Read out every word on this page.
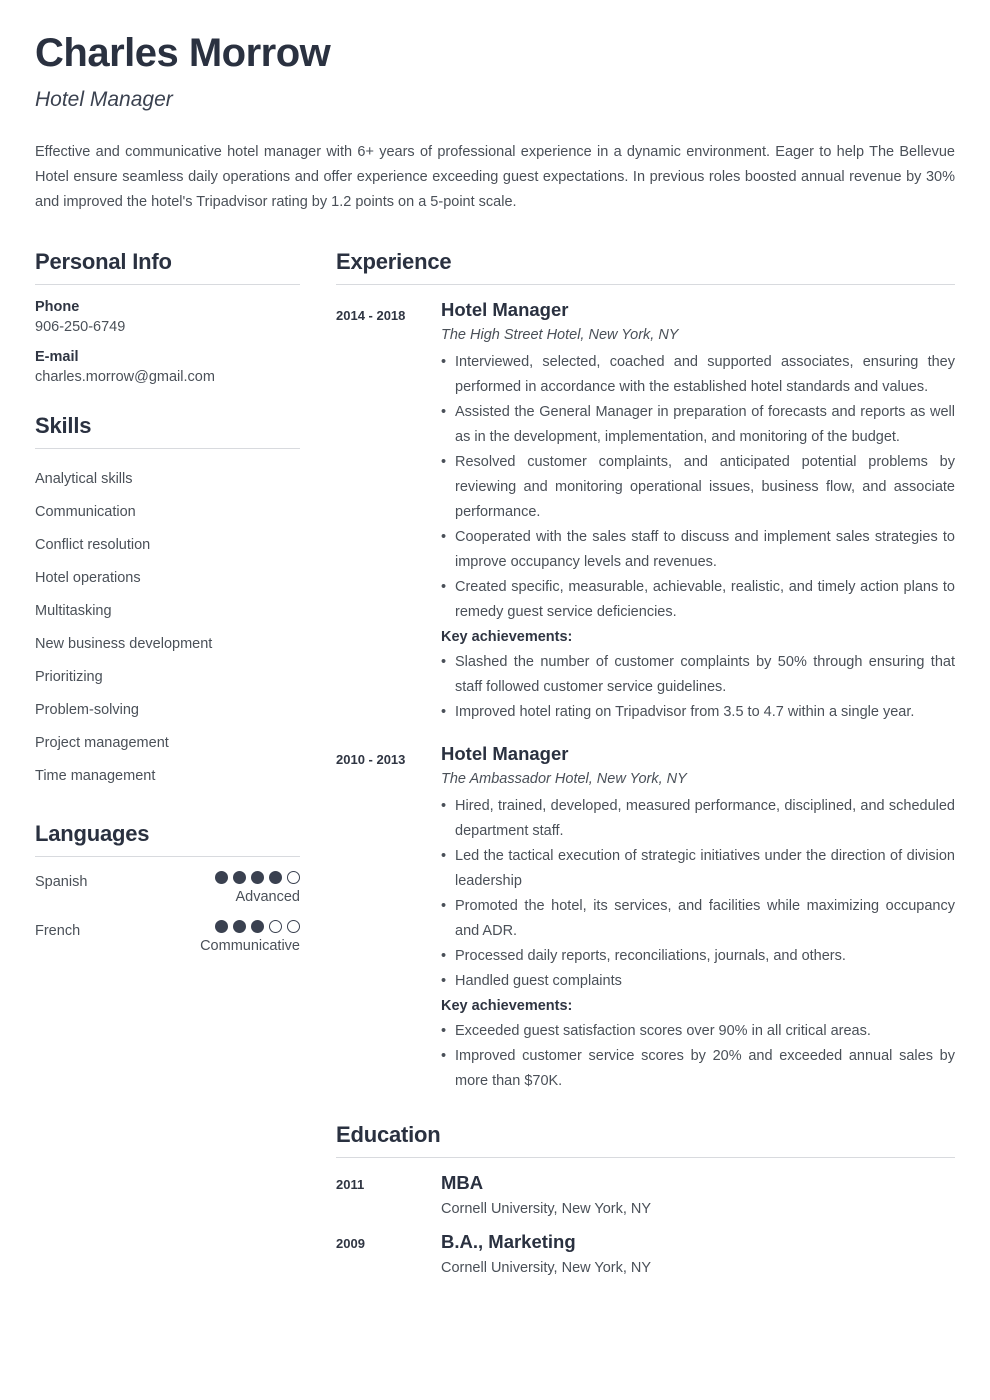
Charles Morrow
Hotel Manager

Effective and communicative hotel manager with 6+ years of professional experience in a dynamic environment. Eager to help The Bellevue Hotel ensure seamless daily operations and offer experience exceeding guest expectations. In previous roles boosted annual revenue by 30% and improved the hotel's Tripadvisor rating by 1.2 points on a 5-point scale.

Personal Info
Phone
906-250-6749
E-mail
charles.morrow@gmail.com
Skills
Analytical skills
Communication
Conflict resolution
Hotel operations
Multitasking
New business development
Prioritizing
Problem-solving
Project management
Time management
Languages
Spanish
Advanced
French
Communicative
Experience
2014 - 2018	Hotel Manager
The High Street Hotel, New York, NY
• Interviewed, selected, coached and supported associates, ensuring they performed in accordance with the established hotel standards and values.
• Assisted the General Manager in preparation of forecasts and reports as well as in the development, implementation, and monitoring of the budget.
• Resolved customer complaints, and anticipated potential problems by reviewing and monitoring operational issues, business flow, and associate performance.
• Cooperated with the sales staff to discuss and implement sales strategies to improve occupancy levels and revenues.
• Created specific, measurable, achievable, realistic, and timely action plans to remedy guest service deficiencies.
Key achievements:
• Slashed the number of customer complaints by 50% through ensuring that staff followed customer service guidelines.
• Improved hotel rating on Tripadvisor from 3.5 to 4.7 within a single year.
2010 - 2013	Hotel Manager
The Ambassador Hotel, New York, NY
• Hired, trained, developed, measured performance, disciplined, and scheduled department staff.
• Led the tactical execution of strategic initiatives under the direction of division leadership
• Promoted the hotel, its services, and facilities while maximizing occupancy and ADR.
• Processed daily reports, reconciliations, journals, and others.
• Handled guest complaints
Key achievements:
• Exceeded guest satisfaction scores over 90% in all critical areas.
• Improved customer service scores by 20% and exceeded annual sales by more than $70K.
Education
2011	MBA
Cornell University, New York, NY
2009	B.A., Marketing
Cornell University, New York, NY
